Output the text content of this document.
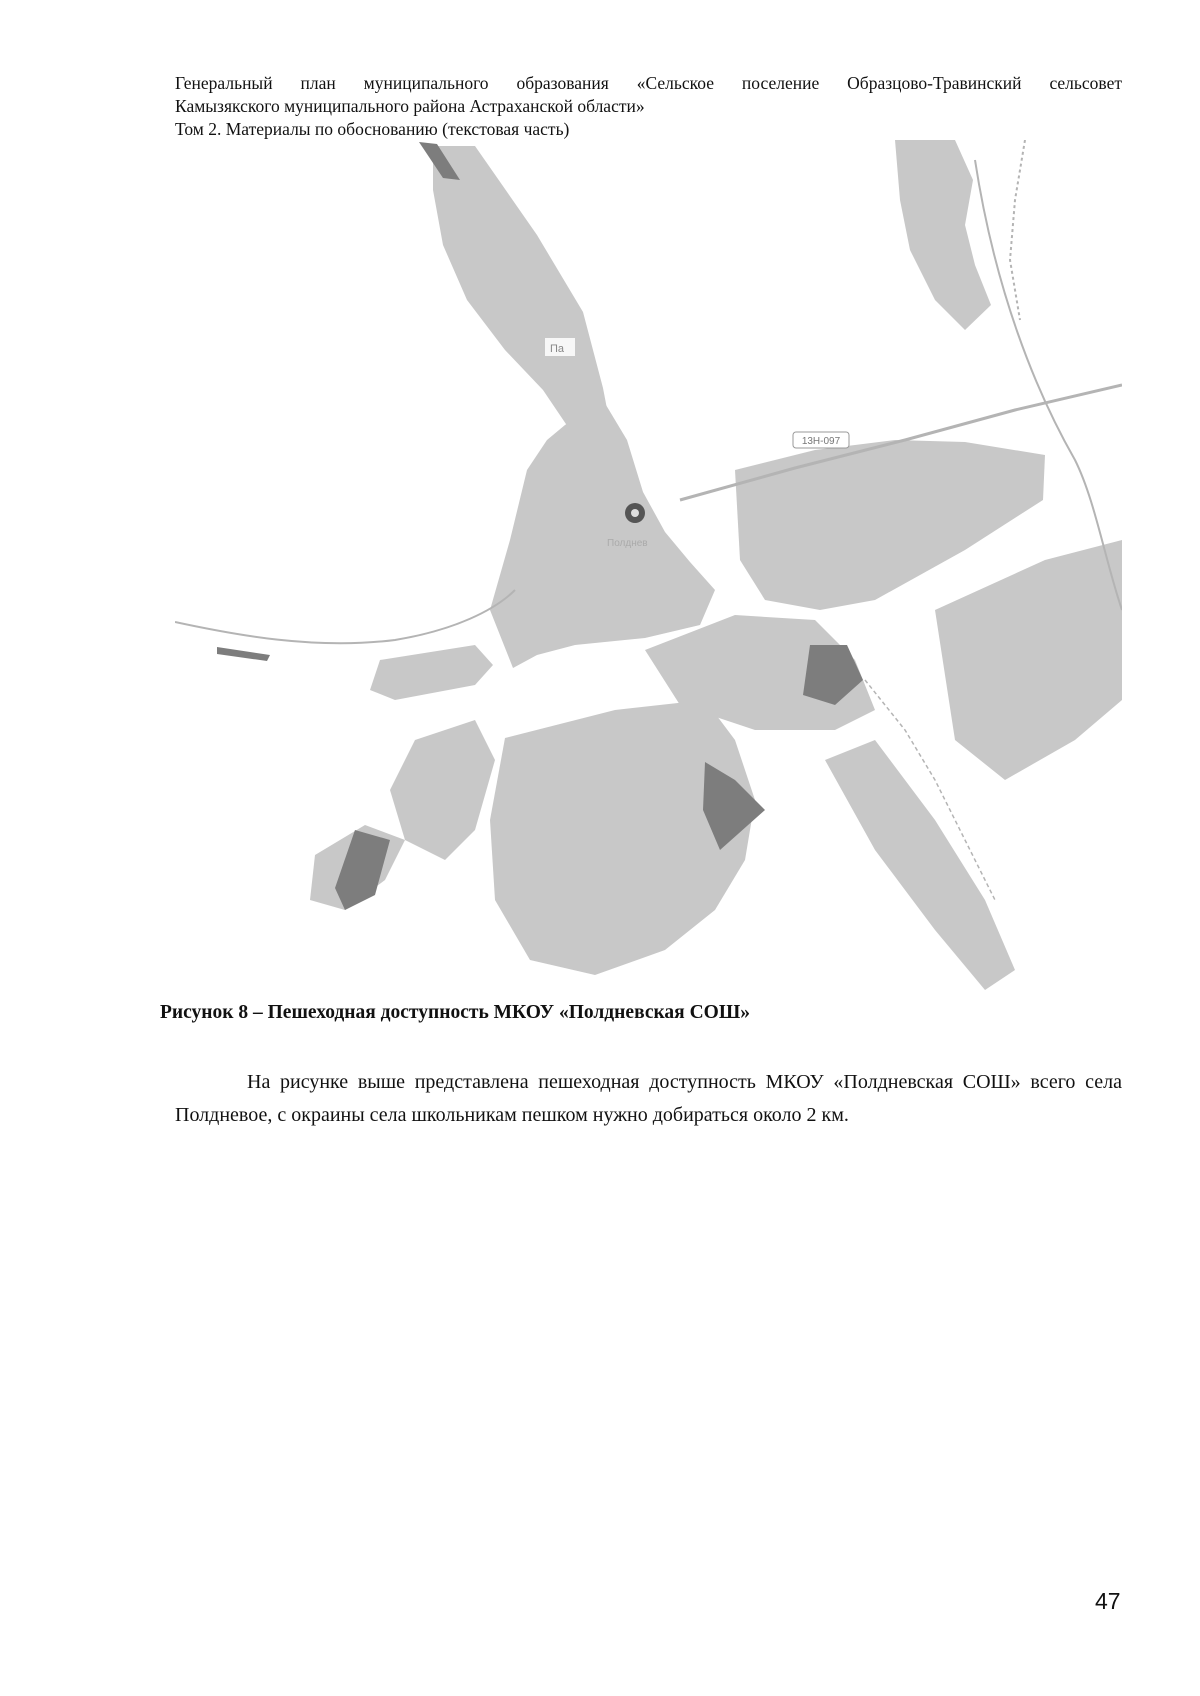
Генеральный план муниципального образования «Сельское поселение Образцово-Травинский сельсовет
Камызякского муниципального района Астраханской области»
Том 2. Материалы по обоснованию (текстовая часть)
13Н-097
Па
Полднев
Рисунок 8 – Пешеходная доступность МКОУ «Полдневская СОШ»

На рисунке выше представлена пешеходная доступность МКОУ «Полдневская СОШ» всего села Полдневое, с окраины села школьникам пешком нужно добираться около 2 км.

47
